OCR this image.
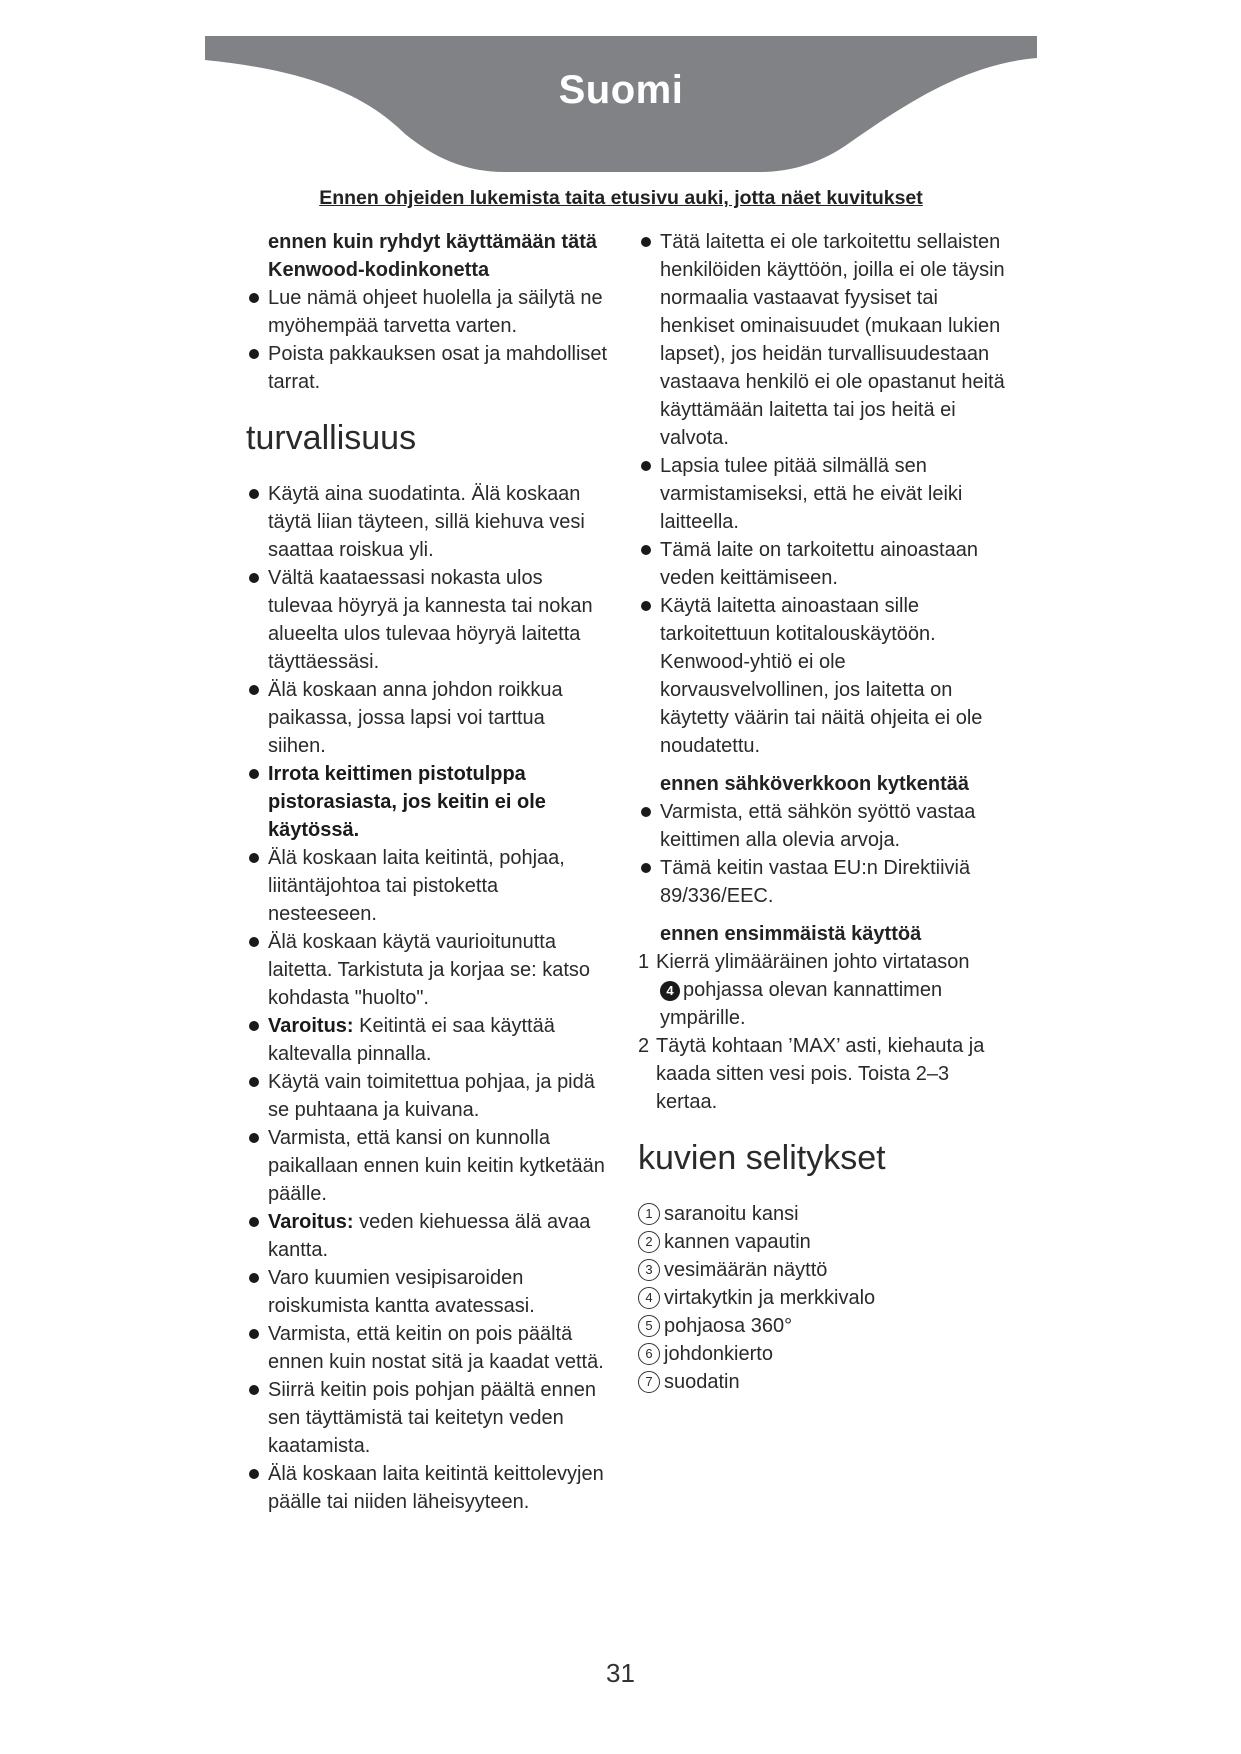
Suomi
Ennen ohjeiden lukemista taita etusivu auki, jotta näet kuvitukset
ennen kuin ryhdyt käyttämään tätä Kenwood-kodinkonetta
Lue nämä ohjeet huolella ja säilytä ne myöhempää tarvetta varten.
Poista pakkauksen osat ja mahdolliset tarrat.
turvallisuus
Käytä aina suodatinta. Älä koskaan täytä liian täyteen, sillä kiehuva vesi saattaa roiskua yli.
Vältä kaataessasi nokasta ulos tulevaa höyryä ja kannesta tai nokan alueelta ulos tulevaa höyryä laitetta täyttäessäsi.
Älä koskaan anna johdon roikkua paikassa, jossa lapsi voi tarttua siihen.
Irrota keittimen pistotulppa pistorasiasta, jos keitin ei ole käytössä.
Älä koskaan laita keitintä, pohjaa, liitäntäjohtoa tai pistoketta nesteeseen.
Älä koskaan käytä vaurioitunutta laitetta. Tarkistuta ja korjaa se: katso kohdasta "huolto".
Varoitus: Keitintä ei saa käyttää kaltevalla pinnalla.
Käytä vain toimitettua pohjaa, ja pidä se puhtaana ja kuivana.
Varmista, että kansi on kunnolla paikallaan ennen kuin keitin kytketään päälle.
Varoitus: veden kiehuessa älä avaa kantta.
Varo kuumien vesipisaroiden roiskumista kantta avatessasi.
Varmista, että keitin on pois päältä ennen kuin nostat sitä ja kaadat vettä.
Siirrä keitin pois pohjan päältä ennen sen täyttämistä tai keitetyn veden kaatamista.
Älä koskaan laita keitintä keittolevyjen päälle tai niiden läheisyyteen.
Tätä laitetta ei ole tarkoitettu sellaisten henkilöiden käyttöön, joilla ei ole täysin normaalia vastaavat fyysiset tai henkiset ominaisuudet (mukaan lukien lapset), jos heidän turvallisuudestaan vastaava henkilö ei ole opastanut heitä käyttämään laitetta tai jos heitä ei valvota.
Lapsia tulee pitää silmällä sen varmistamiseksi, että he eivät leiki laitteella.
Tämä laite on tarkoitettu ainoastaan veden keittämiseen.
Käytä laitetta ainoastaan sille tarkoitettuun kotitalouskäytöön. Kenwood-yhtiö ei ole korvausvelvollinen, jos laitetta on käytetty väärin tai näitä ohjeita ei ole noudatettu.
ennen sähköverkkoon kytkentää
Varmista, että sähkön syöttö vastaa keittimen alla olevia arvoja.
Tämä keitin vastaa EU:n Direktiiviä 89/336/EEC.
ennen ensimmäistä käyttöä
1 Kierrä ylimääräinen johto virtatason
4 pohjassa olevan kannattimen ympärille.
2 Täytä kohtaan ’MAX’ asti, kiehauta ja kaada sitten vesi pois. Toista 2–3 kertaa.
kuvien selitykset
1 saranoitu kansi
2 kannen vapautin
3 vesimäärän näyttö
4 virtakytkin ja merkkivalo
5 pohjaosa 360°
6 johdonkierto
7 suodatin
31
